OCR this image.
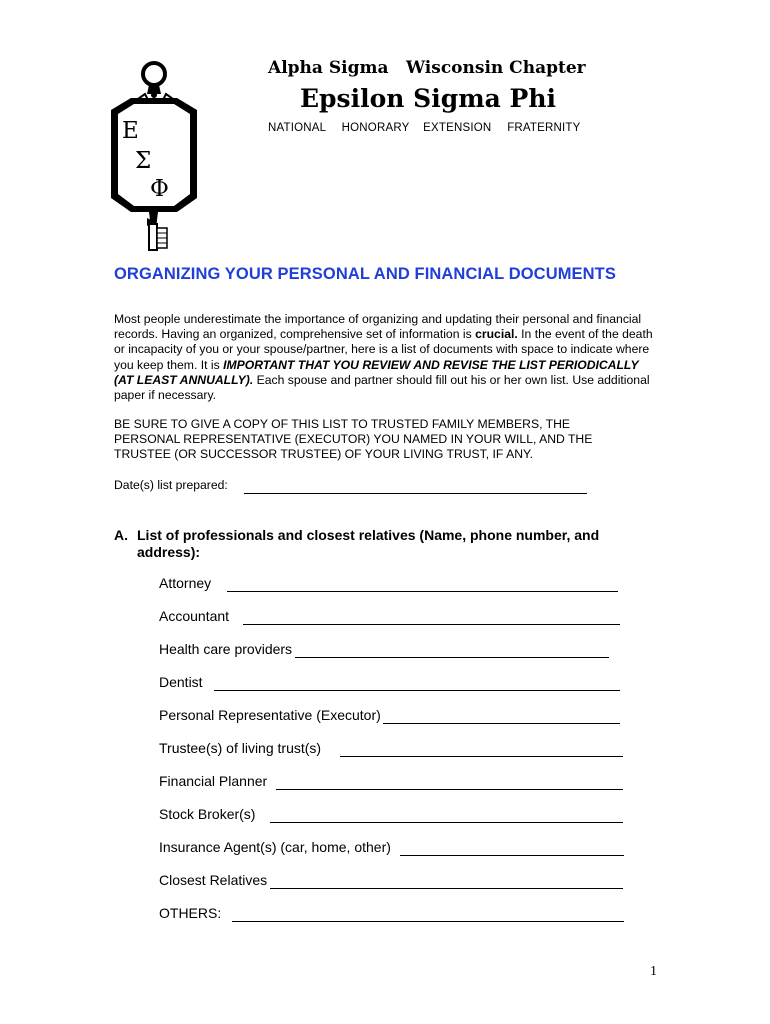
E
Σ
Φ
Alpha Sigma Wisconsin Chapter
Epsilon Sigma Phi
NATIONAL HONORARY EXTENSION FRATERNITY
ORGANIZING YOUR PERSONAL AND FINANCIAL DOCUMENTS
Most people underestimate the importance of organizing and updating their personal and financial records. Having an organized, comprehensive set of information is crucial. In the event of the death or incapacity of you or your spouse/partner, here is a list of documents with space to indicate where you keep them. It is IMPORTANT THAT YOU REVIEW AND REVISE THE LIST PERIODICALLY (AT LEAST ANNUALLY). Each spouse and partner should fill out his or her own list. Use additional paper if necessary.
BE SURE TO GIVE A COPY OF THIS LIST TO TRUSTED FAMILY MEMBERS, THE PERSONAL REPRESENTATIVE (EXECUTOR) YOU NAMED IN YOUR WILL, AND THE TRUSTEE (OR SUCCESSOR TRUSTEE) OF YOUR LIVING TRUST, IF ANY.
Date(s) list prepared:
A. List of professionals and closest relatives (Name, phone number, and address):
Attorney
Accountant
Health care providers
Dentist
Personal Representative (Executor)
Trustee(s) of living trust(s)
Financial Planner
Stock Broker(s)
Insurance Agent(s) (car, home, other)
Closest Relatives
OTHERS:
1
